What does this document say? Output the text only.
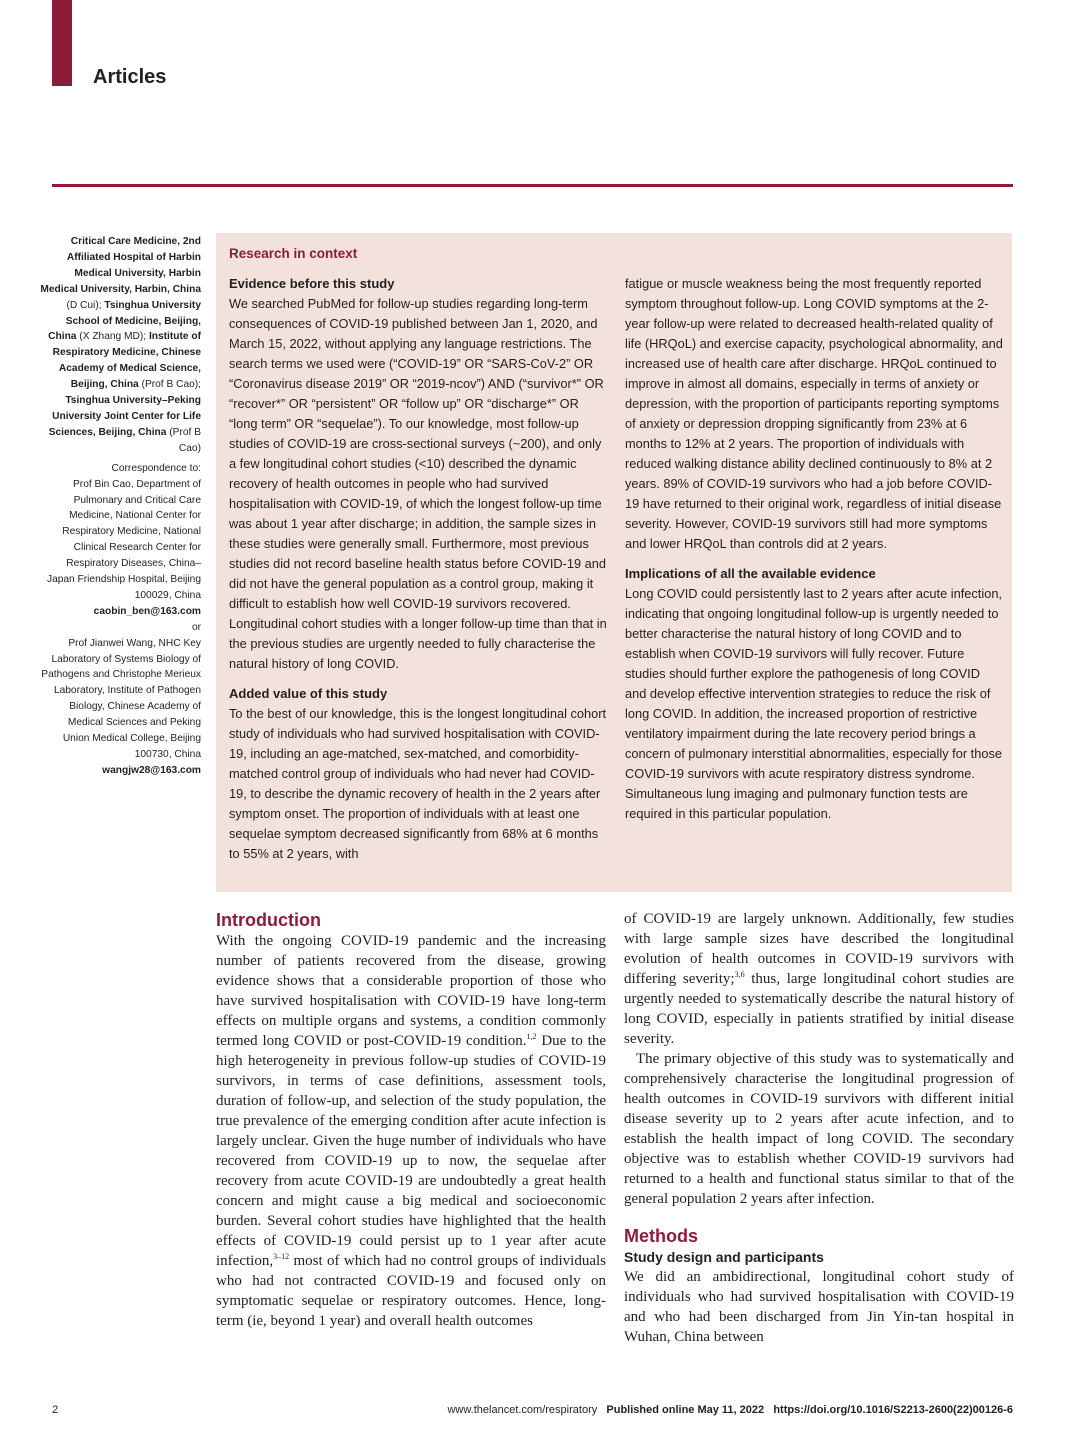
Articles

Critical Care Medicine, 2nd Affiliated Hospital of Harbin Medical University, Harbin Medical University, Harbin, China (D Cui); Tsinghua University School of Medicine, Beijing, China (X Zhang MD); Institute of Respiratory Medicine, Chinese Academy of Medical Science, Beijing, China (Prof B Cao); Tsinghua University–Peking University Joint Center for Life Sciences, Beijing, China (Prof B Cao)

Correspondence to:

Prof Bin Cao, Department of Pulmonary and Critical Care Medicine, National Center for Respiratory Medicine, National Clinical Research Center for Respiratory Diseases, China–Japan Friendship Hospital, Beijing 100029, China

caobin_ben@163.com

or

Prof Jianwei Wang, NHC Key Laboratory of Systems Biology of Pathogens and Christophe Merieux Laboratory, Institute of Pathogen Biology, Chinese Academy of Medical Sciences and Peking Union Medical College, Beijing 100730, China

wangjw28@163.com

Research in context
Evidence before this study

We searched PubMed for follow-up studies regarding long-term consequences of COVID-19 published between Jan 1, 2020, and March 15, 2022, without applying any language restrictions. The search terms we used were (“COVID-19” OR “SARS-CoV-2” OR “Coronavirus disease 2019” OR “2019-ncov”) AND (“survivor*” OR “recover*” OR “persistent” OR “follow up” OR “discharge*” OR “long term” OR “sequelae”). To our knowledge, most follow-up studies of COVID-19 are cross-sectional surveys (~200), and only a few longitudinal cohort studies (<10) described the dynamic recovery of health outcomes in people who had survived hospitalisation with COVID-19, of which the longest follow-up time was about 1 year after discharge; in addition, the sample sizes in these studies were generally small. Furthermore, most previous studies did not record baseline health status before COVID-19 and did not have the general population as a control group, making it difficult to establish how well COVID-19 survivors recovered. Longitudinal cohort studies with a longer follow-up time than that in the previous studies are urgently needed to fully characterise the natural history of long COVID.

Added value of this study

To the best of our knowledge, this is the longest longitudinal cohort study of individuals who had survived hospitalisation with COVID-19, including an age-matched, sex-matched, and comorbidity-matched control group of individuals who had never had COVID-19, to describe the dynamic recovery of health in the 2 years after symptom onset. The proportion of individuals with at least one sequelae symptom decreased significantly from 68% at 6 months to 55% at 2 years, with

fatigue or muscle weakness being the most frequently reported symptom throughout follow-up. Long COVID symptoms at the 2-year follow-up were related to decreased health-related quality of life (HRQoL) and exercise capacity, psychological abnormality, and increased use of health care after discharge. HRQoL continued to improve in almost all domains, especially in terms of anxiety or depression, with the proportion of participants reporting symptoms of anxiety or depression dropping significantly from 23% at 6 months to 12% at 2 years. The proportion of individuals with reduced walking distance ability declined continuously to 8% at 2 years. 89% of COVID-19 survivors who had a job before COVID-19 have returned to their original work, regardless of initial disease severity. However, COVID-19 survivors still had more symptoms and lower HRQoL than controls did at 2 years.

Implications of all the available evidence

Long COVID could persistently last to 2 years after acute infection, indicating that ongoing longitudinal follow-up is urgently needed to better characterise the natural history of long COVID and to establish when COVID-19 survivors will fully recover. Future studies should further explore the pathogenesis of long COVID and develop effective intervention strategies to reduce the risk of long COVID. In addition, the increased proportion of restrictive ventilatory impairment during the late recovery period brings a concern of pulmonary interstitial abnormalities, especially for those COVID-19 survivors with acute respiratory distress syndrome. Simultaneous lung imaging and pulmonary function tests are required in this particular population.

Introduction

With the ongoing COVID-19 pandemic and the increasing number of patients recovered from the disease, growing evidence shows that a considerable proportion of those who have survived hospitalisation with COVID-19 have long-term effects on multiple organs and systems, a condition commonly termed long COVID or post-COVID-19 condition.$^{1,2}$ Due to the high heterogeneity in previous follow-up studies of COVID-19 survivors, in terms of case definitions, assessment tools, duration of follow-up, and selection of the study population, the true prevalence of the emerging condition after acute infection is largely unclear. Given the huge number of individuals who have recovered from COVID-19 up to now, the sequelae after recovery from acute COVID-19 are undoubtedly a great health concern and might cause a big medical and socioeconomic burden. Several cohort studies have highlighted that the health effects of COVID-19 could persist up to 1 year after acute infection,$^{3-12}$ most of which had no control groups of individuals who had not contracted COVID-19 and focused only on symptomatic sequelae or respiratory outcomes. Hence, long-term (ie, beyond 1 year) and overall health outcomes

of COVID-19 are largely unknown. Additionally, few studies with large sample sizes have described the longitudinal evolution of health outcomes in COVID-19 survivors with differing severity;$^{3,6}$ thus, large longitudinal cohort studies are urgently needed to systematically describe the natural history of long COVID, especially in patients stratified by initial disease severity.

The primary objective of this study was to systematically and comprehensively characterise the longitudinal progression of health outcomes in COVID-19 survivors with different initial disease severity up to 2 years after acute infection, and to establish the health impact of long COVID. The secondary objective was to establish whether COVID-19 survivors had returned to a health and functional status similar to that of the general population 2 years after infection.

Methods
Study design and participants

We did an ambidirectional, longitudinal cohort study of individuals who had survived hospitalisation with COVID-19 and who had been discharged from Jin Yin-tan hospital in Wuhan, China between

2	www.thelancet.com/respiratory Published online May 11, 2022 https://doi.org/10.1016/S2213-2600(22)00126-6
